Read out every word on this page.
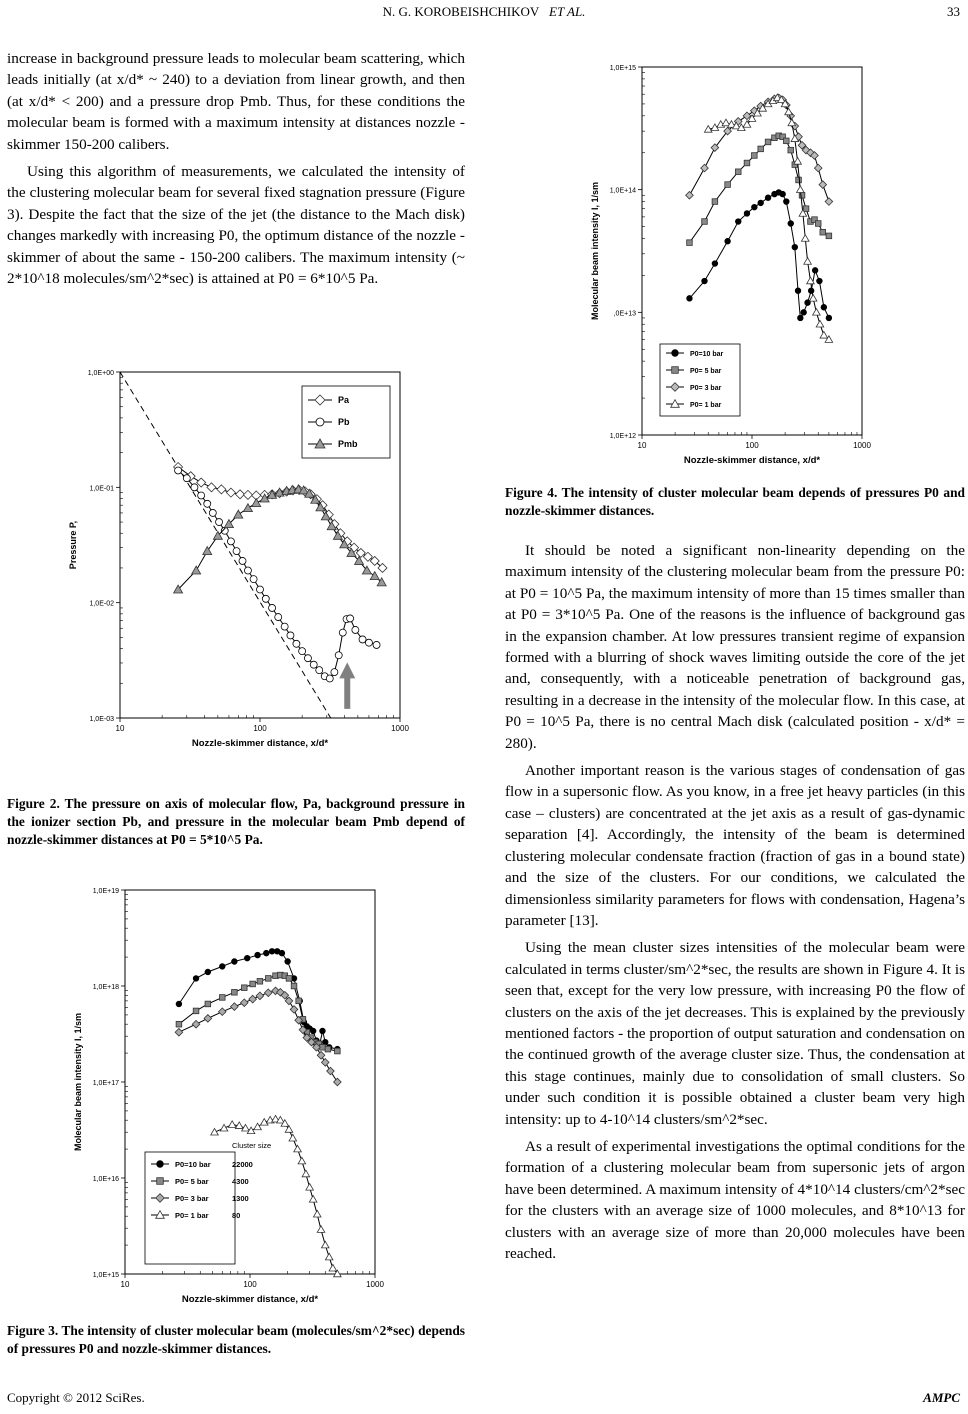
N. G. KOROBEISHCHIKOV ET AL.	33

increase in background pressure leads to molecular beam scattering, which leads initially (at x/d* ~ 240) to a deviation from linear growth, and then (at x/d* < 200) and a pressure drop Pmb. Thus, for these conditions the molecular beam is formed with a maximum intensity at distances nozzle - skimmer 150-200 calibers.

Using this algorithm of measurements, we calculated the intensity of the clustering molecular beam for several fixed stagnation pressure (Figure 3). Despite the fact that the size of the jet (the distance to the Mach disk) changes markedly with increasing P0, the optimum distance of the nozzle - skimmer of about the same - 150-200 calibers. The maximum intensity (~ 2*10^18 molecules/sm^2*sec) is attained at P0 = 6*10^5 Pa.

10	100	1000
1,0E+00
1,0E-01
1,0E-02
1,0E-03
Nozzle-skimmer distance, x/d*
Pressure P,
Pa
Pb
Pmb
Figure 2. The pressure on axis of molecular flow, Pa, background pressure in the ionizer section Pb, and pressure in the molecular beam Pmb depend of nozzle-skimmer distances at P0 = 5*10^5 Pa.
10	100	1000
1,0E+19
1,0E+18
1,0E+17
1,0E+16
1,0E+15
Nozzle-skimmer distance, x/d*
Molecular beam intensity I, 1/sm
P0=10 bar
P0= 5 bar
P0= 3 bar
P0= 1 bar
Cluster size
22000
4300
1300
80
Figure 3. The intensity of cluster molecular beam (molecules/sm^2*sec) depends of pressures P0 and nozzle-skimmer distances.
10	100	1000
1,0E+15
1,0E+14
,0E+13
1,0E+12
Nozzle-skimmer distance, x/d*
Molecular beam intensity I, 1/sm
P0=10 bar
P0= 5 bar
P0= 3 bar
P0= 1 bar
Figure 4. The intensity of cluster molecular beam depends of pressures P0 and nozzle-skimmer distances.

It should be noted a significant non-linearity depending on the maximum intensity of the clustering molecular beam from the pressure P0: at P0 = 10^5 Pa, the maximum intensity of more than 15 times smaller than at P0 = 3*10^5 Pa. One of the reasons is the influence of background gas in the expansion chamber. At low pressures transient regime of expansion formed with a blurring of shock waves limiting outside the core of the jet and, consequently, with a noticeable penetration of background gas, resulting in a decrease in the intensity of the molecular flow. In this case, at P0 = 10^5 Pa, there is no central Mach disk (calculated position - x/d* = 280).

Another important reason is the various stages of condensation of gas flow in a supersonic flow. As you know, in a free jet heavy particles (in this case – clusters) are concentrated at the jet axis as a result of gas-dynamic separation [4]. Accordingly, the intensity of the beam is determined clustering molecular condensate fraction (fraction of gas in a bound state) and the size of the clusters. For our conditions, we calculated the dimensionless similarity parameters for flows with condensation, Hagena’s parameter [13].

Using the mean cluster sizes intensities of the molecular beam were calculated in terms cluster/sm^2*sec, the results are shown in Figure 4. It is seen that, except for the very low pressure, with increasing P0 the flow of clusters on the axis of the jet decreases. This is explained by the previously mentioned factors - the proportion of output saturation and condensation on the continued growth of the average cluster size. Thus, the condensation at this stage continues, mainly due to consolidation of small clusters. So under such condition it is possible obtained a cluster beam very high intensity: up to 4-10^14 clusters/sm^2*sec.

As a result of experimental investigations the optimal conditions for the formation of a clustering molecular beam from supersonic jets of argon have been determined. A maximum intensity of 4*10^14 clusters/cm^2*sec for the clusters with an average size of 1000 molecules, and 8*10^13 for clusters with an average size of more than 20,000 molecules have been reached.

Copyright © 2012 SciRes.	AMPC
